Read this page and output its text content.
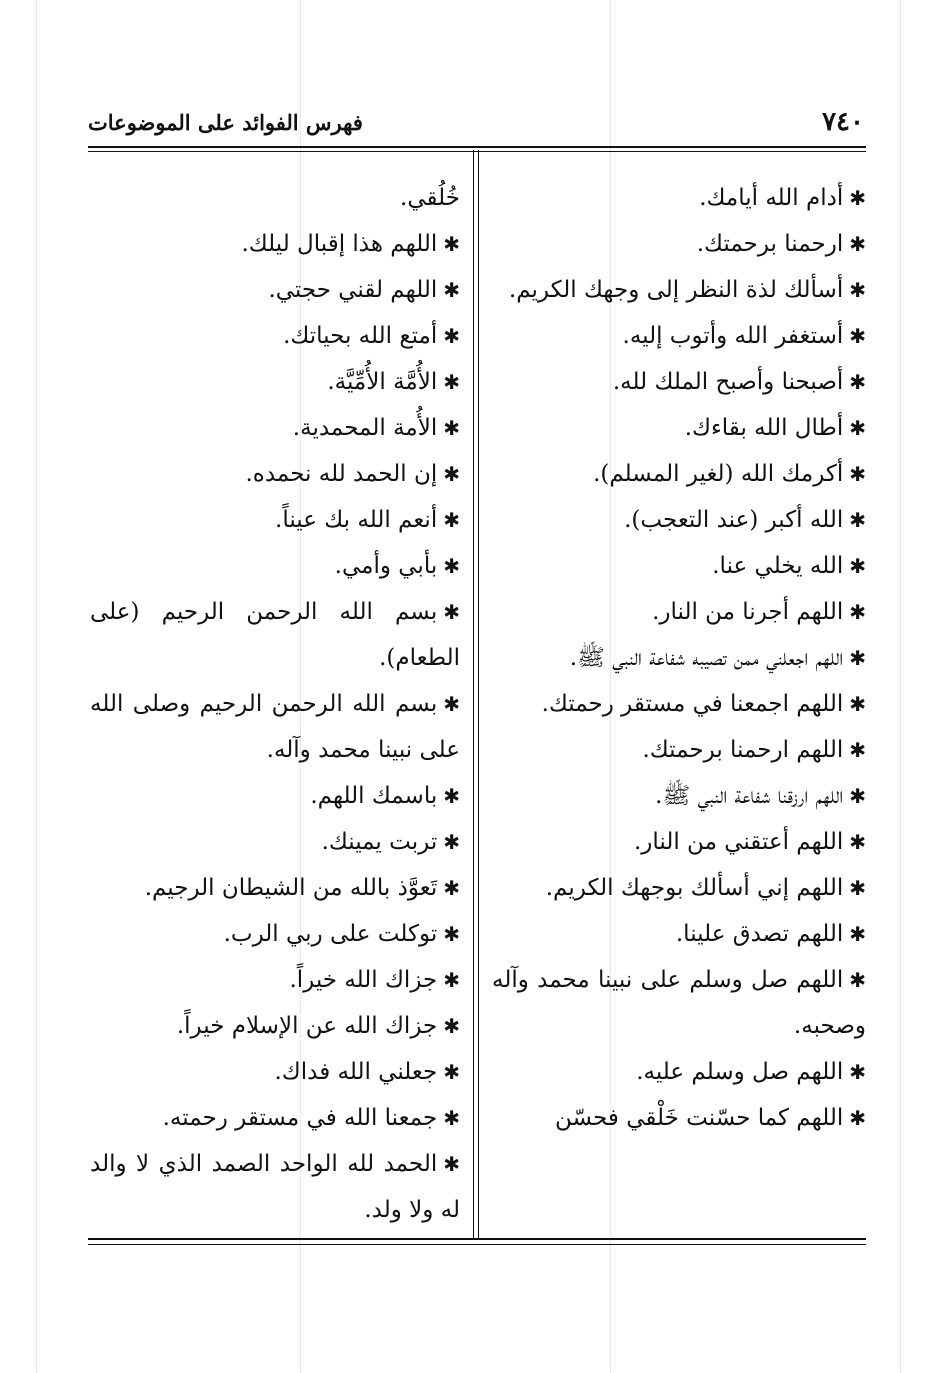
٧٤٠
فهرس الفوائد على الموضوعات

✱أدام الله أيامك.

✱ارحمنا برحمتك.

✱أسألك لذة النظر إلى وجهك الكريم.

✱أستغفر الله وأتوب إليه.

✱أصبحنا وأصبح الملك لله.

✱أطال الله بقاءك.

✱أكرمك الله (لغير المسلم).

✱الله أكبر (عند التعجب).

✱الله يخلي عنا.

✱اللهم أجرنا من النار.

✱اللهم اجعلني ممن تصيبه شفاعة النبي ﷺ.

✱اللهم اجمعنا في مستقر رحمتك.

✱اللهم ارحمنا برحمتك.

✱اللهم ارزقنا شفاعة النبي ﷺ.

✱اللهم أعتقني من النار.

✱اللهم إني أسألك بوجهك الكريم.

✱اللهم تصدق علينا.

✱اللهم صل وسلم على نبينا محمد وآله وصحبه.

✱اللهم صل وسلم عليه.

✱اللهم كما حسّنت خَلْقي فحسّن

خُلُقي.

✱اللهم هذا إقبال ليلك.

✱اللهم لقني حجتي.

✱أمتع الله بحياتك.

✱الأُمَّة الأُمِّيَّة.

✱الأُمة المحمدية.

✱إن الحمد لله نحمده.

✱أنعم الله بك عيناً.

✱بأبي وأمي.

✱بسم الله الرحمن الرحيم (على الطعام).

✱بسم الله الرحمن الرحيم وصلى الله على نبينا محمد وآله.

✱باسمك اللهم.

✱تربت يمينك.

✱تَعوَّذ بالله من الشيطان الرجيم.

✱توكلت على ربي الرب.

✱جزاك الله خيراً.

✱جزاك الله عن الإسلام خيراً.

✱جعلني الله فداك.

✱جمعنا الله في مستقر رحمته.

✱الحمد لله الواحد الصمد الذي لا والد له ولا ولد.
